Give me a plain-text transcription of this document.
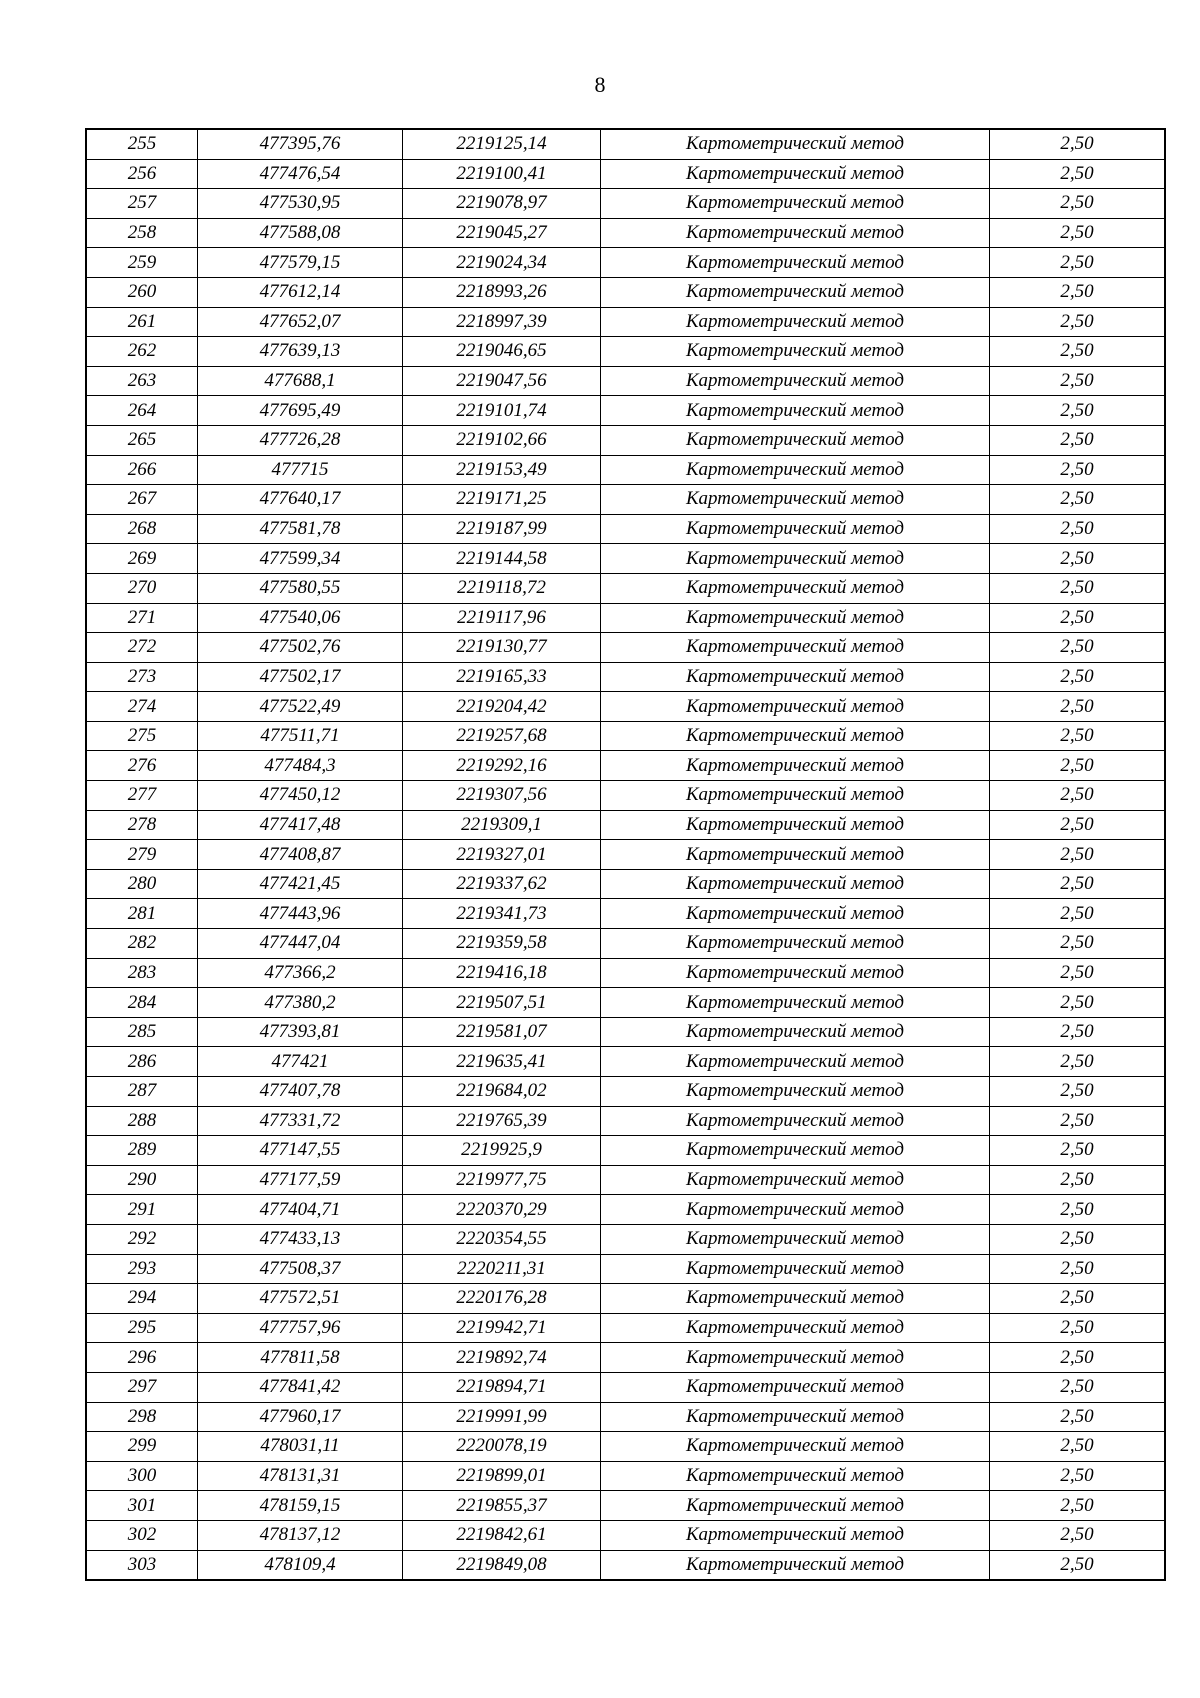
8
255	477395,76	2219125,14	Картометрический метод	2,50
256	477476,54	2219100,41	Картометрический метод	2,50
257	477530,95	2219078,97	Картометрический метод	2,50
258	477588,08	2219045,27	Картометрический метод	2,50
259	477579,15	2219024,34	Картометрический метод	2,50
260	477612,14	2218993,26	Картометрический метод	2,50
261	477652,07	2218997,39	Картометрический метод	2,50
262	477639,13	2219046,65	Картометрический метод	2,50
263	477688,1	2219047,56	Картометрический метод	2,50
264	477695,49	2219101,74	Картометрический метод	2,50
265	477726,28	2219102,66	Картометрический метод	2,50
266	477715	2219153,49	Картометрический метод	2,50
267	477640,17	2219171,25	Картометрический метод	2,50
268	477581,78	2219187,99	Картометрический метод	2,50
269	477599,34	2219144,58	Картометрический метод	2,50
270	477580,55	2219118,72	Картометрический метод	2,50
271	477540,06	2219117,96	Картометрический метод	2,50
272	477502,76	2219130,77	Картометрический метод	2,50
273	477502,17	2219165,33	Картометрический метод	2,50
274	477522,49	2219204,42	Картометрический метод	2,50
275	477511,71	2219257,68	Картометрический метод	2,50
276	477484,3	2219292,16	Картометрический метод	2,50
277	477450,12	2219307,56	Картометрический метод	2,50
278	477417,48	2219309,1	Картометрический метод	2,50
279	477408,87	2219327,01	Картометрический метод	2,50
280	477421,45	2219337,62	Картометрический метод	2,50
281	477443,96	2219341,73	Картометрический метод	2,50
282	477447,04	2219359,58	Картометрический метод	2,50
283	477366,2	2219416,18	Картометрический метод	2,50
284	477380,2	2219507,51	Картометрический метод	2,50
285	477393,81	2219581,07	Картометрический метод	2,50
286	477421	2219635,41	Картометрический метод	2,50
287	477407,78	2219684,02	Картометрический метод	2,50
288	477331,72	2219765,39	Картометрический метод	2,50
289	477147,55	2219925,9	Картометрический метод	2,50
290	477177,59	2219977,75	Картометрический метод	2,50
291	477404,71	2220370,29	Картометрический метод	2,50
292	477433,13	2220354,55	Картометрический метод	2,50
293	477508,37	2220211,31	Картометрический метод	2,50
294	477572,51	2220176,28	Картометрический метод	2,50
295	477757,96	2219942,71	Картометрический метод	2,50
296	477811,58	2219892,74	Картометрический метод	2,50
297	477841,42	2219894,71	Картометрический метод	2,50
298	477960,17	2219991,99	Картометрический метод	2,50
299	478031,11	2220078,19	Картометрический метод	2,50
300	478131,31	2219899,01	Картометрический метод	2,50
301	478159,15	2219855,37	Картометрический метод	2,50
302	478137,12	2219842,61	Картометрический метод	2,50
303	478109,4	2219849,08	Картометрический метод	2,50
